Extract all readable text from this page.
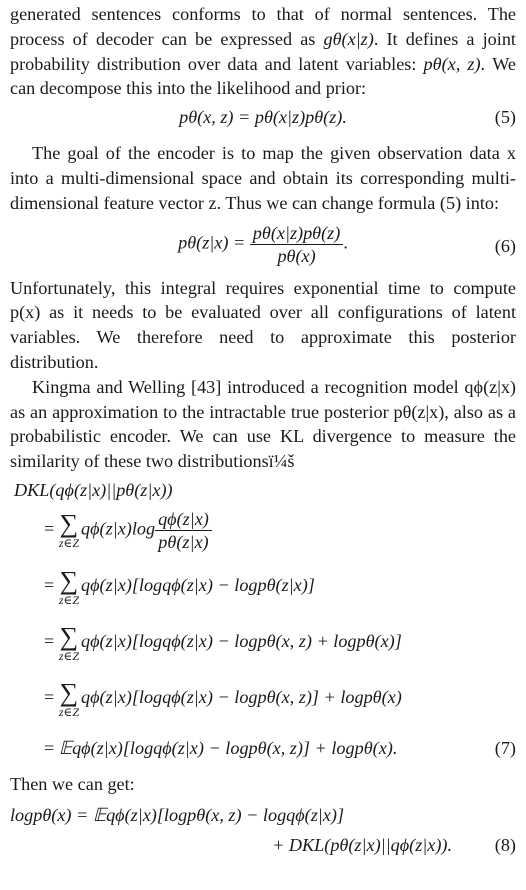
generated sentences conforms to that of normal sentences. The process of decoder can be expressed as gθ(x|z). It defines a joint probability distribution over data and latent variables: pθ(x, z). We can decompose this into the likelihood and prior:

pθ(x, z) = pθ(x|z)pθ(z).	(5)

The goal of the encoder is to map the given observation data x into a multi-dimensional space and obtain its corresponding multi-dimensional feature vector z. Thus we can change formula (5) into:

$p\theta(z|x) = \frac{p\theta(x|z)p\theta(z)}{p\theta(x)}$ .	(6)

Unfortunately, this integral requires exponential time to compute p(x) as it needs to be evaluated over all configurations of latent variables. We therefore need to approximate this posterior distribution.

Kingma and Welling [43] introduced a recognition model qϕ(z|x) as an approximation to the intractable true posterior pθ(z|x), also as a probabilistic encoder. We can use KL divergence to measure the similarity of these two distributionsï¼š

DKL(qϕ(z|x)||pθ(z|x))
= ∑
z∈Z
$q\phi(z|x)\log \frac{q\phi(z|x)}{p\theta(z|x)}$
= ∑
z∈Z
qϕ(z|x)[logqϕ(z|x) − logpθ(z|x)]
= ∑
z∈Z
qϕ(z|x)[logqϕ(z|x) − logpθ(x, z) + logpθ(x)]
= ∑
z∈Z
qϕ(z|x)[logqϕ(z|x) − logpθ(x, z)] + logpθ(x)
= 𝔼qϕ(z|x)[logqϕ(z|x) − logpθ(x, z)] + logpθ(x).	(7)

Then we can get:

logpθ(x) = 𝔼qϕ(z|x)[logpθ(x, z) − logqϕ(z|x)]
+ DKL(pθ(z|x)||qϕ(z|x)). (8)
